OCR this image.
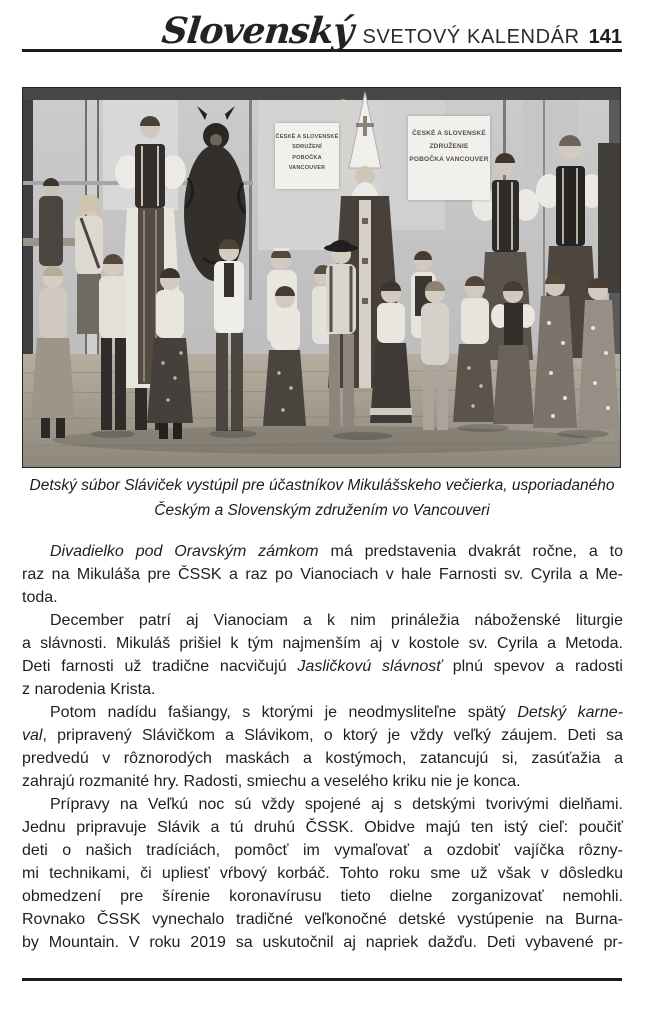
Slovenský SVETOVÝ KALENDÁR 141
ČESKÉ A SLOVENSKÉ
SDRUŽENÍ
POBOČKA VANCOUVER
ČESKÉ A SLOVENSKÉ
ZDRUŽENIE
POBOČKA VANCOUVER
Detský súbor Sláviček vystúpil pre účastníkov Mikulášskeho večierka, usporiadaného
Českým a Slovenským združením vo Vancouveri
Divadielko pod Oravským zámkom má predstavenia dvakrát ročne, a to
raz na Mikuláša pre ČSSK a raz po Vianociach v hale Farnosti sv. Cyrila a Me-
toda.
December patrí aj Vianociam a k nim prináležia náboženské liturgie
a slávnosti. Mikuláš prišiel k tým najmenším aj v kostole sv. Cyrila a Metoda.
Deti farnosti už tradične nacvičujú Jasličkovú slávnosť plnú spevov a radosti
z narodenia Krista.
Potom nadídu fašiangy, s ktorými je neodmysliteľne spätý Detský karne-
val, pripravený Slávičkom a Slávikom, o ktorý je vždy veľký záujem. Deti sa
predvedú v rôznorodých maskách a kostýmoch, zatancujú si, zasúťažia a
zahrajú rozmanité hry. Radosti, smiechu a veselého kriku nie je konca.
Prípravy na Veľkú noc sú vždy spojené aj s detskými tvorivými dielňami.
Jednu pripravuje Slávik a tú druhú ČSSK. Obidve majú ten istý cieľ: poučiť
deti o našich tradíciách, pomôcť im vymaľovať a ozdobiť vajíčka rôzny-
mi technikami, či upliesť vŕbový korbáč. Tohto roku sme už však v dôsledku
obmedzení pre šírenie koronavírusu tieto dielne zorganizovať nemohli.
Rovnako ČSSK vynechalo tradičné veľkonočné detské vystúpenie na Burna-
by Mountain. V roku 2019 sa uskutočnil aj napriek dažďu. Deti vybavené pr-
